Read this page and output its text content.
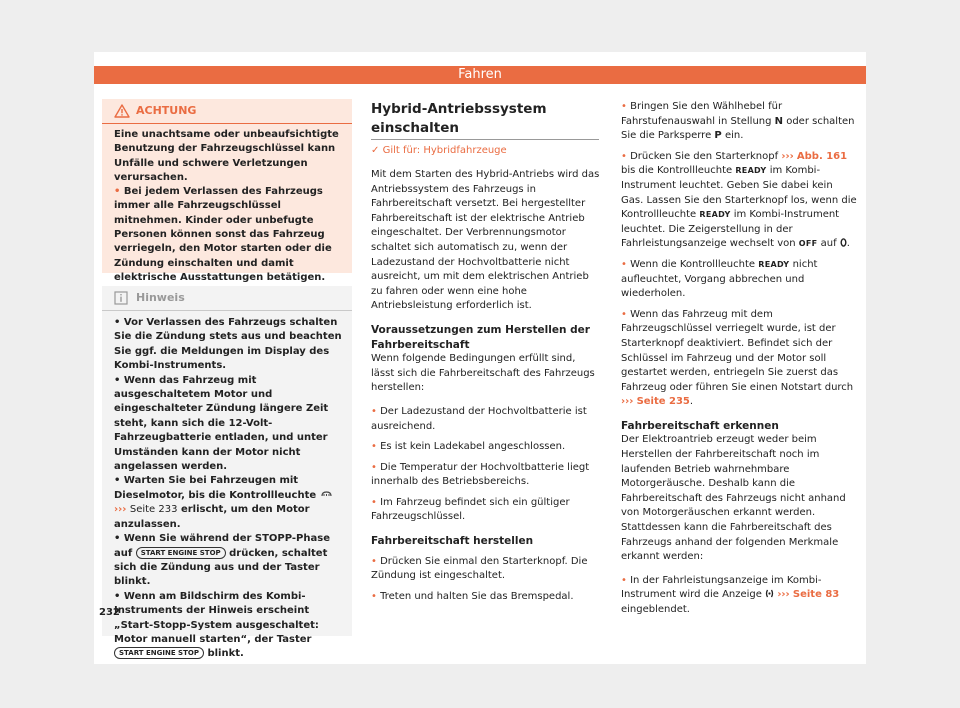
Fahren
ACHTUNG

Eine unachtsame oder unbeaufsichtigte Benutzung der Fahrzeugschlüssel kann Unfälle und schwere Verletzungen verursachen.

• Bei jedem Verlassen des Fahrzeugs immer alle Fahrzeugschlüssel mitnehmen. Kinder oder unbefugte Personen können sonst das Fahrzeug verriegeln, den Motor starten oder die Zündung einschalten und damit elektrische Ausstattungen betätigen.

Hinweis

• Vor Verlassen des Fahrzeugs schalten Sie die Zündung stets aus und beachten Sie ggf. die Meldungen im Display des Kombi-Instruments.

• Wenn das Fahrzeug mit ausgeschaltetem Motor und eingeschalteter Zündung längere Zeit steht, kann sich die 12-Volt-Fahrzeugbatterie entladen, und unter Umständen kann der Motor nicht angelassen werden.

• Warten Sie bei Fahrzeugen mit Dieselmotor, bis die Kontrollleuchte  ››› Seite 233 erlischt, um den Motor anzulassen.

• Wenn Sie während der STOPP-Phase auf START ENGINE STOP drücken, schaltet sich die Zündung aus und der Taster blinkt.

• Wenn am Bildschirm des Kombi-Instruments der Hinweis erscheint „Start-Stopp-System ausgeschaltet: Motor manuell starten“, der Taster START ENGINE STOP blinkt.

232
Hybrid-Antriebssystem einschalten
✓ Gilt für: Hybridfahrzeuge

Mit dem Starten des Hybrid-Antriebs wird das Antriebssystem des Fahrzeugs in Fahrbereitschaft versetzt. Bei hergestellter Fahrbereitschaft ist der elektrische Antrieb eingeschaltet. Der Verbrennungsmotor schaltet sich automatisch zu, wenn der Ladezustand der Hochvoltbatterie nicht ausreicht, um mit dem elektrischen Antrieb zu fahren oder wenn eine hohe Antriebsleistung erforderlich ist.

Voraussetzungen zum Herstellen der Fahrbereitschaft

Wenn folgende Bedingungen erfüllt sind, lässt sich die Fahrbereitschaft des Fahrzeugs herstellen:

• Der Ladezustand der Hochvoltbatterie ist ausreichend.

• Es ist kein Ladekabel angeschlossen.

• Die Temperatur der Hochvoltbatterie liegt innerhalb des Betriebsbereichs.

• Im Fahrzeug befindet sich ein gültiger Fahrzeugschlüssel.

Fahrbereitschaft herstellen

• Drücken Sie einmal den Starterknopf. Die Zündung ist eingeschaltet.

• Treten und halten Sie das Bremspedal.

• Bringen Sie den Wählhebel für Fahrstufenauswahl in Stellung N oder schalten Sie die Parksperre P ein.

• Drücken Sie den Starterknopf ››› Abb. 161 bis die Kontrollleuchte READY im Kombi-Instrument leuchtet. Geben Sie dabei kein Gas. Lassen Sie den Starterknopf los, wenn die Kontrollleuchte READY im Kombi-Instrument leuchtet. Die Zeigerstellung in der Fahrleistungsanzeige wechselt von OFF auf .

• Wenn die Kontrollleuchte READY nicht aufleuchtet, Vorgang abbrechen und wiederholen.

• Wenn das Fahrzeug mit dem Fahrzeugschlüssel verriegelt wurde, ist der Starterknopf deaktiviert. Befindet sich der Schlüssel im Fahrzeug und der Motor soll gestartet werden, entriegeln Sie zuerst das Fahrzeug oder führen Sie einen Notstart durch ››› Seite 235.

Fahrbereitschaft erkennen

Der Elektroantrieb erzeugt weder beim Herstellen der Fahrbereitschaft noch im laufenden Betrieb wahrnehmbare Motorgeräusche. Deshalb kann die Fahrbereitschaft des Fahrzeugs nicht anhand von Motorgeräuschen erkannt werden. Stattdessen kann die Fahrbereitschaft des Fahrzeugs anhand der folgenden Merkmale erkannt werden:

• In der Fahrleistungsanzeige im Kombi-Instrument wird die Anzeige ››› Seite 83 eingeblendet.
